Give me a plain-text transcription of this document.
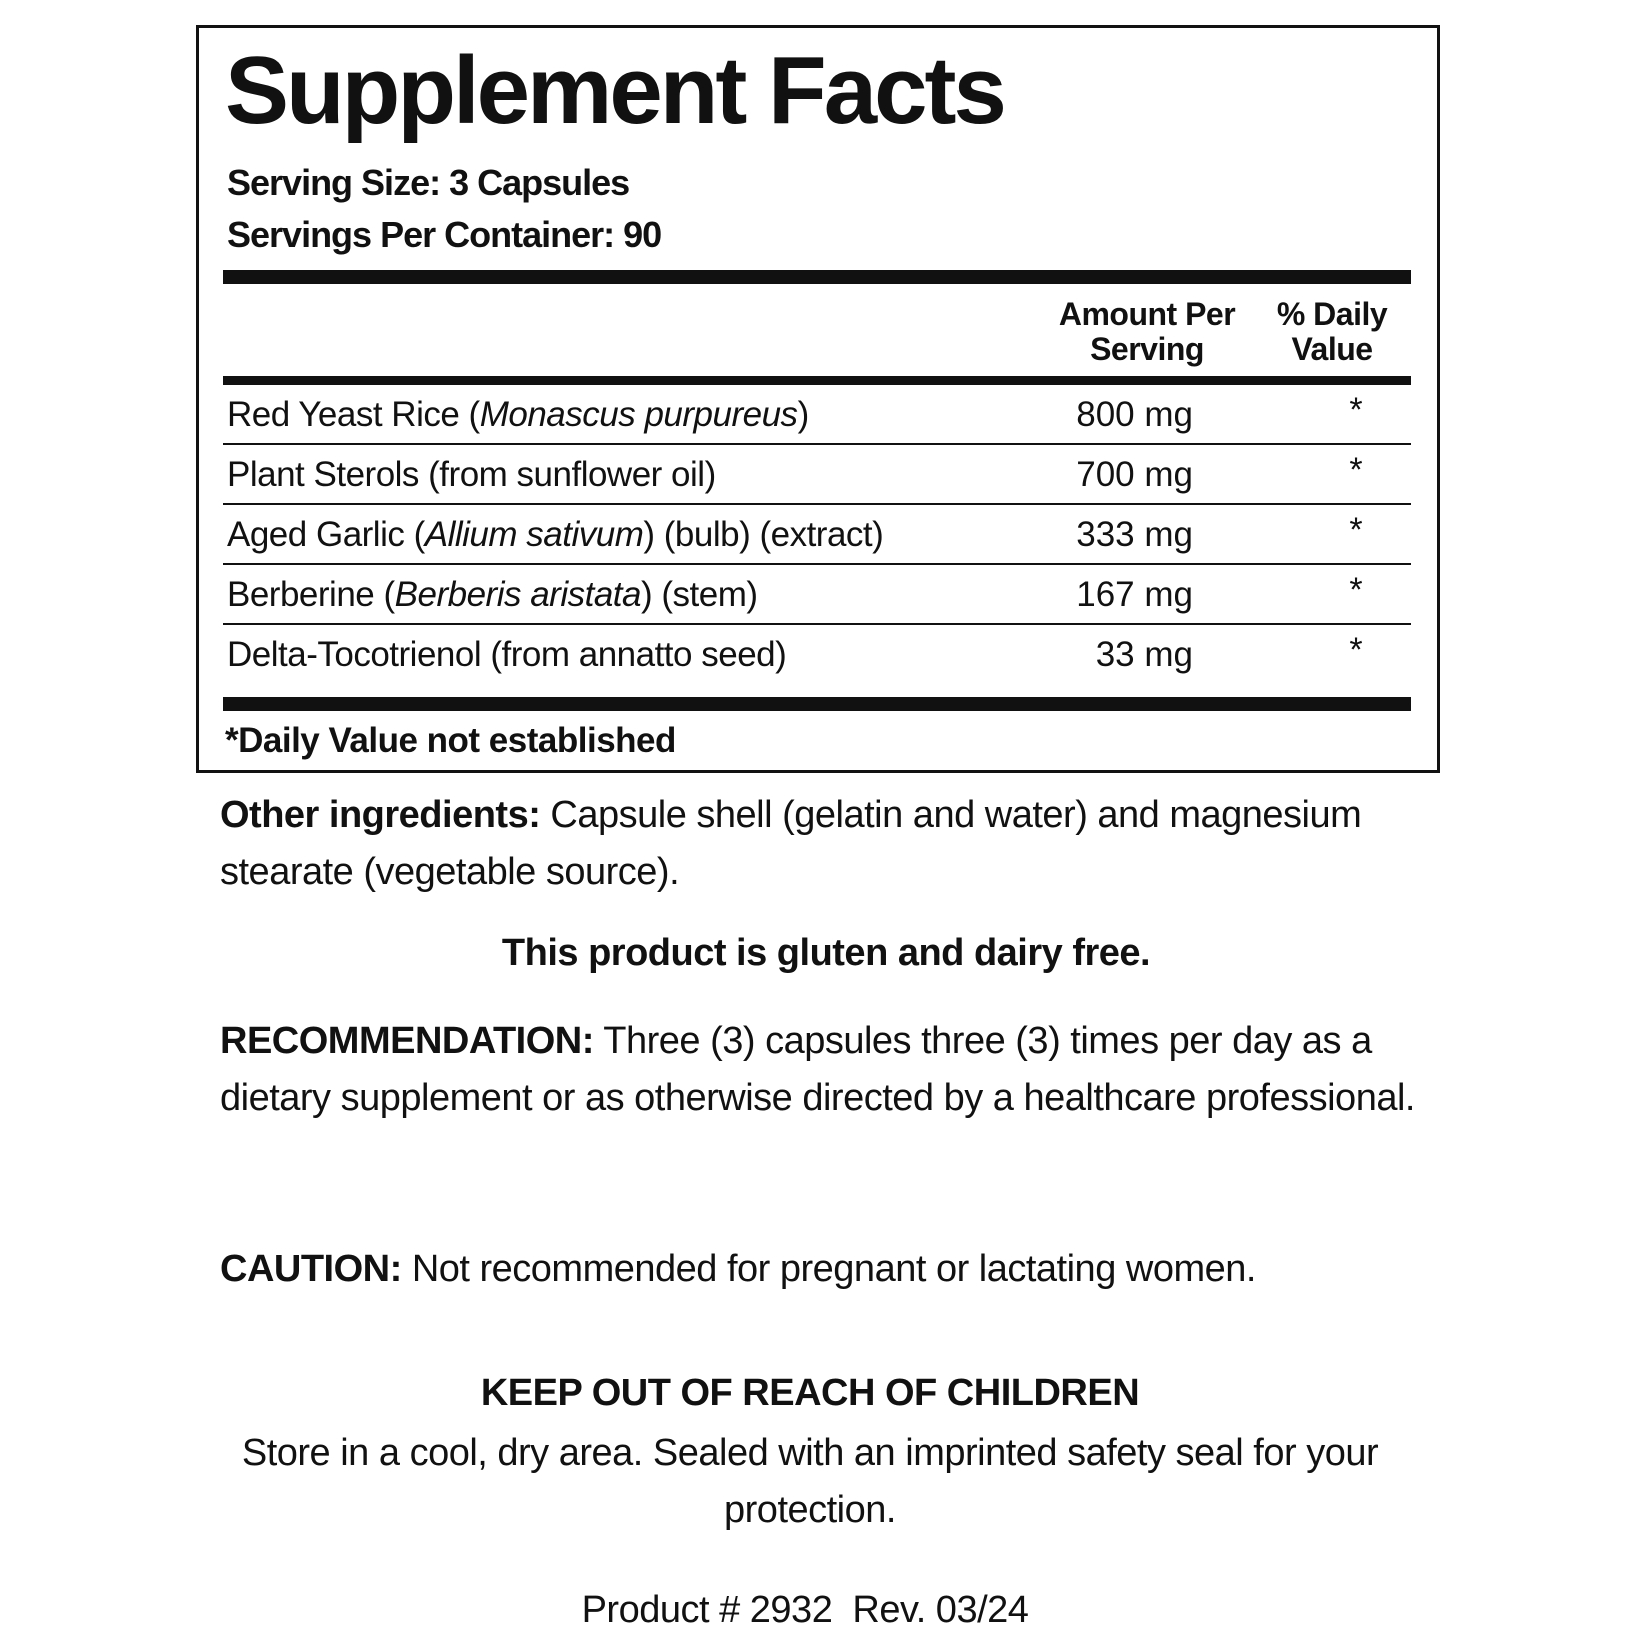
Supplement Facts
Serving Size: 3 Capsules
Servings Per Container: 90
Amount Per
Serving
% Daily
Value
Red Yeast Rice (Monascus purpureus)	800 mg	*
Plant Sterols (from sunflower oil)	700 mg	*
Aged Garlic (Allium sativum) (bulb) (extract)	333 mg	*
Berberine (Berberis aristata) (stem)	167 mg	*
Delta-Tocotrienol (from annatto seed)	33 mg	*
*Daily Value not established
Other ingredients: Capsule shell (gelatin and water) and magnesium stearate (vegetable source).
This product is gluten and dairy free.
RECOMMENDATION: Three (3) capsules three (3) times per day as a dietary supplement or as otherwise directed by a healthcare professional.
CAUTION: Not recommended for pregnant or lactating women.
KEEP OUT OF REACH OF CHILDREN
Store in a cool, dry area. Sealed with an imprinted safety seal for your protection.
Product # 2932  Rev. 03/24
